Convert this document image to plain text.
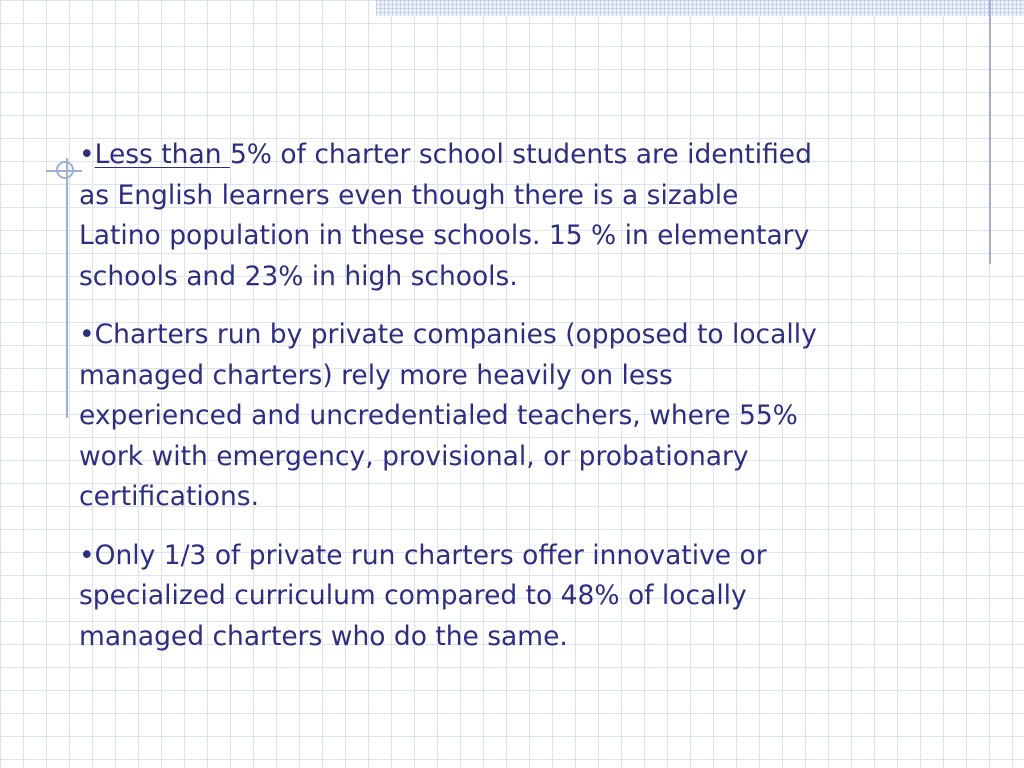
•Less than 5% of charter school students are identified as English learners even though there is a sizable Latino population in these schools. 15 % in elementary schools and 23% in high schools.

•Charters run by private companies (opposed to locally managed charters) rely more heavily on less experienced and uncredentialed teachers, where 55% work with emergency, provisional, or probationary certifications.

•Only 1/3 of private run charters offer innovative or specialized curriculum compared to 48% of locally managed charters who do the same.
